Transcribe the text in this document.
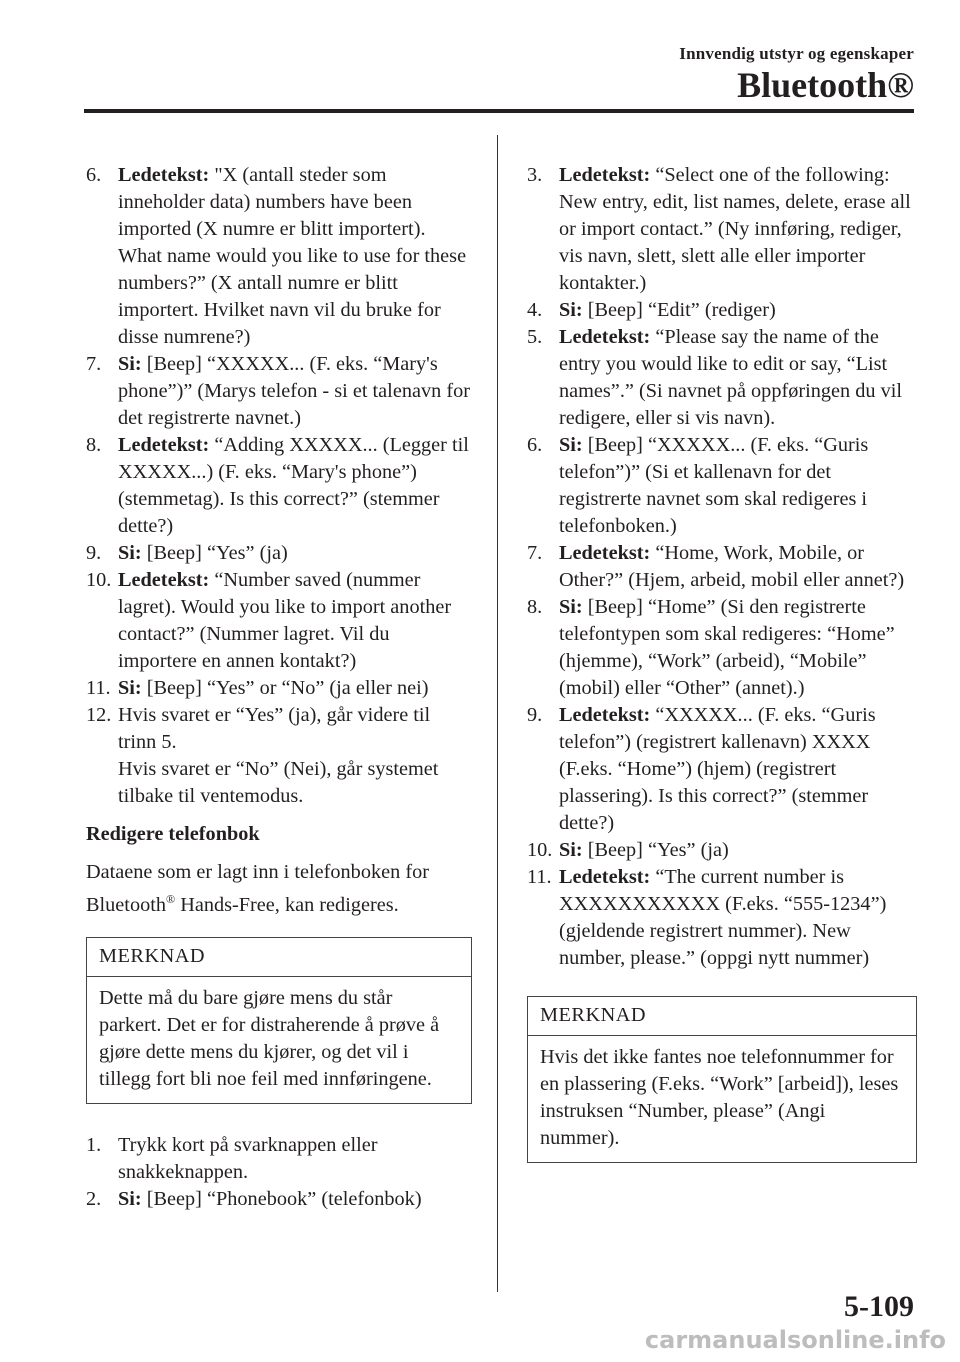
Innvendig utstyr og egenskaper
Bluetooth®
6. Ledetekst: "X (antall steder som inneholder data) numbers have been imported (X numre er blitt importert). What name would you like to use for these numbers?” (X antall numre er blitt importert. Hvilket navn vil du bruke for disse numrene?)
7. Si: [Beep] “XXXXX... (F. eks. “Mary's phone”)” (Marys telefon - si et talenavn for det registrerte navnet.)
8. Ledetekst: “Adding XXXXX... (Legger til XXXXX...) (F. eks. “Mary's phone”) (stemmetag). Is this correct?” (stemmer dette?)
9. Si: [Beep] “Yes” (ja)
10. Ledetekst: “Number saved (nummer lagret). Would you like to import another contact?” (Nummer lagret. Vil du importere en annen kontakt?)
11. Si: [Beep] “Yes” or “No” (ja eller nei)
12. Hvis svaret er “Yes” (ja), går videre til trinn 5.
Hvis svaret er “No” (Nei), går systemet tilbake til ventemodus.
Redigere telefonbok
Dataene som er lagt inn i telefonboken for Bluetooth® Hands-Free, kan redigeres.
MERKNAD
Dette må du bare gjøre mens du står parkert. Det er for distraherende å prøve å gjøre dette mens du kjører, og det vil i tillegg fort bli noe feil med innføringene.
1. Trykk kort på svarknappen eller snakkeknappen.
2. Si: [Beep] “Phonebook” (telefonbok)
3. Ledetekst: “Select one of the following: New entry, edit, list names, delete, erase all or import contact.” (Ny innføring, rediger, vis navn, slett, slett alle eller importer kontakter.)
4. Si: [Beep] “Edit” (rediger)
5. Ledetekst: “Please say the name of the entry you would like to edit or say, “List names”.” (Si navnet på oppføringen du vil redigere, eller si vis navn).
6. Si: [Beep] “XXXXX... (F. eks. “Guris telefon”)” (Si et kallenavn for det registrerte navnet som skal redigeres i telefonboken.)
7. Ledetekst: “Home, Work, Mobile, or Other?” (Hjem, arbeid, mobil eller annet?)
8. Si: [Beep] “Home” (Si den registrerte telefontypen som skal redigeres: “Home” (hjemme), “Work” (arbeid), “Mobile” (mobil) eller “Other” (annet).)
9. Ledetekst: “XXXXX... (F. eks. “Guris telefon”) (registrert kallenavn) XXXX (F.eks. “Home”) (hjem) (registrert plassering). Is this correct?” (stemmer dette?)
10. Si: [Beep] “Yes” (ja)
11. Ledetekst: “The current number is XXXXXXXXXXX (F.eks. “555-1234”) (gjeldende registrert nummer). New number, please.” (oppgi nytt nummer)
MERKNAD
Hvis det ikke fantes noe telefonnummer for en plassering (F.eks. “Work” [arbeid]), leses instruksen “Number, please” (Angi nummer).
5-109
carmanualsonline.info
